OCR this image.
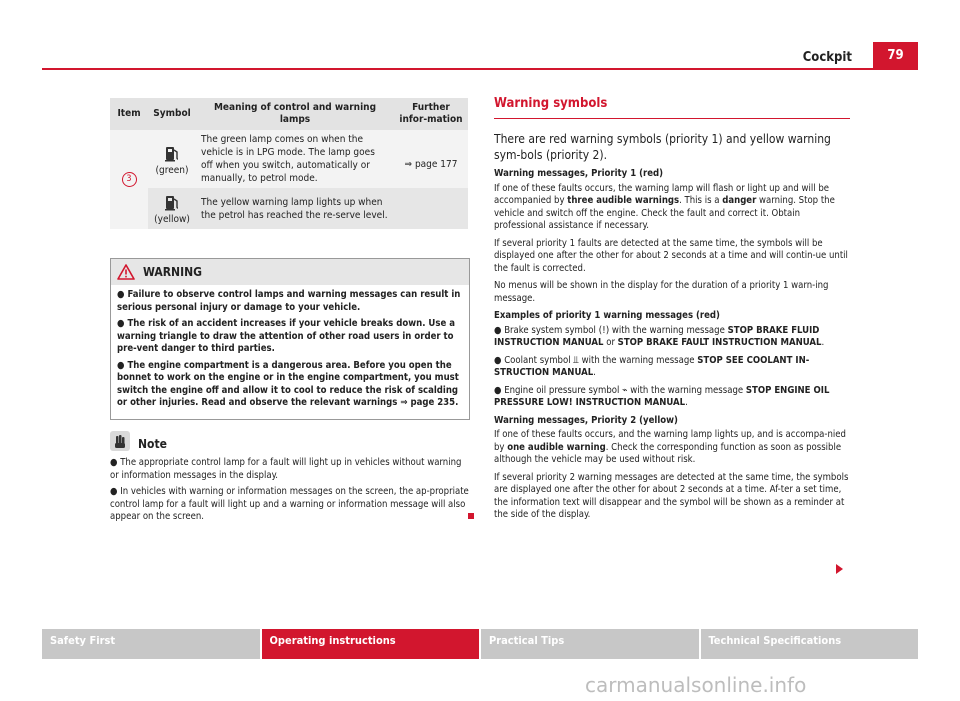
Cockpit	79
Item	Symbol	Meaning of control and warning lamps	Further infor-mation
3	(green)	The green lamp comes on when the vehicle is in LPG mode. The lamp goes off when you switch, automatically or manually, to petrol mode.	⇒ page 177

(yellow)	The yellow warning lamp lights up when the petrol has reached the re-serve level.	
WARNING

● Failure to observe control lamps and warning messages can result in serious personal injury or damage to your vehicle.

● The risk of an accident increases if your vehicle breaks down. Use a warning triangle to draw the attention of other road users in order to pre-vent danger to third parties.

● The engine compartment is a dangerous area. Before you open the bonnet to work on the engine or in the engine compartment, you must switch the engine off and allow it to cool to reduce the risk of scalding or other injuries. Read and observe the relevant warnings ⇒ page 235.

Note

● The appropriate control lamp for a fault will light up in vehicles without warning or information messages in the display.

● In vehicles with warning or information messages on the screen, the ap-propriate control lamp for a fault will light up and a warning or information message will also appear on the screen.

Warning symbols

There are red warning symbols (priority 1) and yellow warning sym-bols (priority 2).

Warning messages, Priority 1 (red)

If one of these faults occurs, the warning lamp will flash or light up and will be accompanied by three audible warnings. This is a danger warning. Stop the vehicle and switch off the engine. Check the fault and correct it. Obtain professional assistance if necessary.

If several priority 1 faults are detected at the same time, the symbols will be displayed one after the other for about 2 seconds at a time and will contin-ue until the fault is corrected.

No menus will be shown in the display for the duration of a priority 1 warn-ing message.

Examples of priority 1 warning messages (red)

● Brake system symbol (!) with the warning message STOP BRAKE FLUID INSTRUCTION MANUAL or STOP BRAKE FAULT INSTRUCTION MANUAL.

● Coolant symbol ⫫ with the warning message STOP SEE COOLANT IN-STRUCTION MANUAL.

● Engine oil pressure symbol ⌁ with the warning message STOP ENGINE OIL PRESSURE LOW! INSTRUCTION MANUAL.

Warning messages, Priority 2 (yellow)

If one of these faults occurs, and the warning lamp lights up, and is accompa-nied by one audible warning. Check the corresponding function as soon as possible although the vehicle may be used without risk.

If several priority 2 warning messages are detected at the same time, the symbols are displayed one after the other for about 2 seconds at a time. Af-ter a set time, the information text will disappear and the symbol will be shown as a reminder at the side of the display.

Safety First	Operating instructions	Practical Tips	Technical Specifications
carmanualsonline.info
